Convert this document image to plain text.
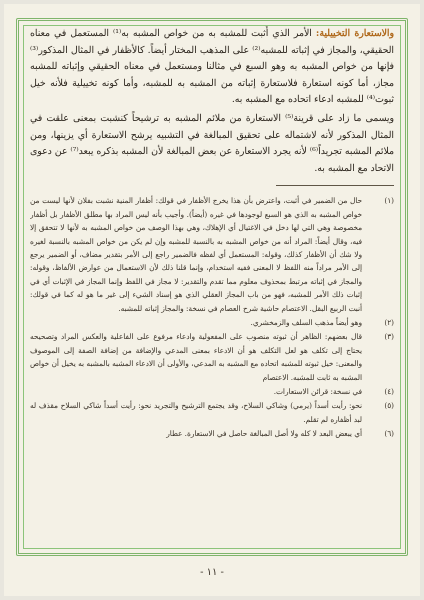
والاستعارة التخييلية: الأمر الذي أُثبت للمشبه به من خواص المشبه به⁽¹⁾ المستعمل في معناه الحقيقي، والمجاز في إثباته للمشبه⁽²⁾ على المذهب المختار أيضاً. كالأظفار في المثال المذكور⁽³⁾ فإنها من خواص المشبه به وهو السبع في مثالنا ومستعمل في معناه الحقيقي وإثباته للمشبه مجاز، أما كونه استعارة فلاستعارة إثباته من المشبه به للمشبه، وأما كونه تخييلية فلأنه خيل ثبوت⁽⁴⁾ للمشبه ادعاء اتحاده مع المشبه به.

ويسمى ما زاد على قرينة⁽⁵⁾ الاستعارة من ملائم المشبه به ترشيحاً كنشبت بمعنى علقت في المثال المذكور لأنه لاشتماله على تحقيق المبالغة في التشبيه يرشح الاستعارة أي يزينها، ومن ملائم المشبه تجريداً⁽⁶⁾ لأنه يجرد الاستعارة عن بعض المبالغة لأن المشبه بذكره يبعد⁽⁷⁾ عن دعوى الاتحاد مع المشبه به.

(١)
حال من الضمير في أثبت، واعترض بأن هذا يخرج الأظفار في قولك: أظفار المنية نشبت بفلان لأنها ليست من خواص المشبه به الذي هو السبع لوجودها في غيره (أيضاً). وأجيب بأنه ليس المراد بها مطلق الأظفار بل أظفار مخصوصة وهي التي لها دخل في الاغتيال أي الإهلاك، وهي بهذا الوصف من خواص المشبه به لأنها لا تتحقق إلا فيه، وقال أيضاً: المراد أنه من خواص المشبه به بالنسبة للمشبه وإن لم يكن من خواص المشبه بالنسبة لغيره ولا شك أن الأظفار كذلك، وقوله: المستعمل أي لفظه فالضمير راجع إلى الأمر بتقدير مضاف، أو الضمير يرجع إلى الأمر مراداً منه اللفظ لا المعنى ففيه استخدام، وإنما قلنا ذلك لأن الاستعمال من عوارض الألفاظ، وقوله: والمجاز في إثباته مرتبط بمحذوف معلوم مما تقدم والتقدير: لا مجاز في اللفظ وإنما المجاز في الإثبات أي في إثبات ذلك الأمر للمشبه، فهو من باب المجاز العقلي الذي هو إسناد الشيء إلى غير ما هو له كما في قولك: أنبت الربيع البقل. الاعتصام حاشية شرح العصام في نسخة: والمجاز إثباته للمشبه.
(٢)
وهو أيضاً مذهب السلف والزمخشري.
(٣)
قال بعضهم: الظاهر أن ثبوته منصوب على المفعولية وادعاء مرفوع على الفاعلية والعكس المراد وتصحيحه يحتاج إلى تكلف هو لعل التكلف هو أن الادعاء بمعنى المدعي والإضافة من إضافة الصفة إلى الموصوف والمعنى: خيل ثبوته للمشبه اتحاده مع المشبه به المدعي، والأولى أن الادعاء المشبه بالمشبه به يخيل أن خواص المشبه به ثابت للمشبه. الاعتصام
(٤)
في نسخة: قرائن الاستعارات.
(٥)
نحو: رأيت أسداً (يرمي) وشاكي السلاح، وقد يجتمع الترشيح والتجريد نحو: رأيت أسداً شاكي السلاح مقذف له لبد أظفاره لم تقلم.
(٦)
أي يبعض البعد لا كله ولا أصل المبالغة حاصل في الاستعارة. عطار
- ١١ -
